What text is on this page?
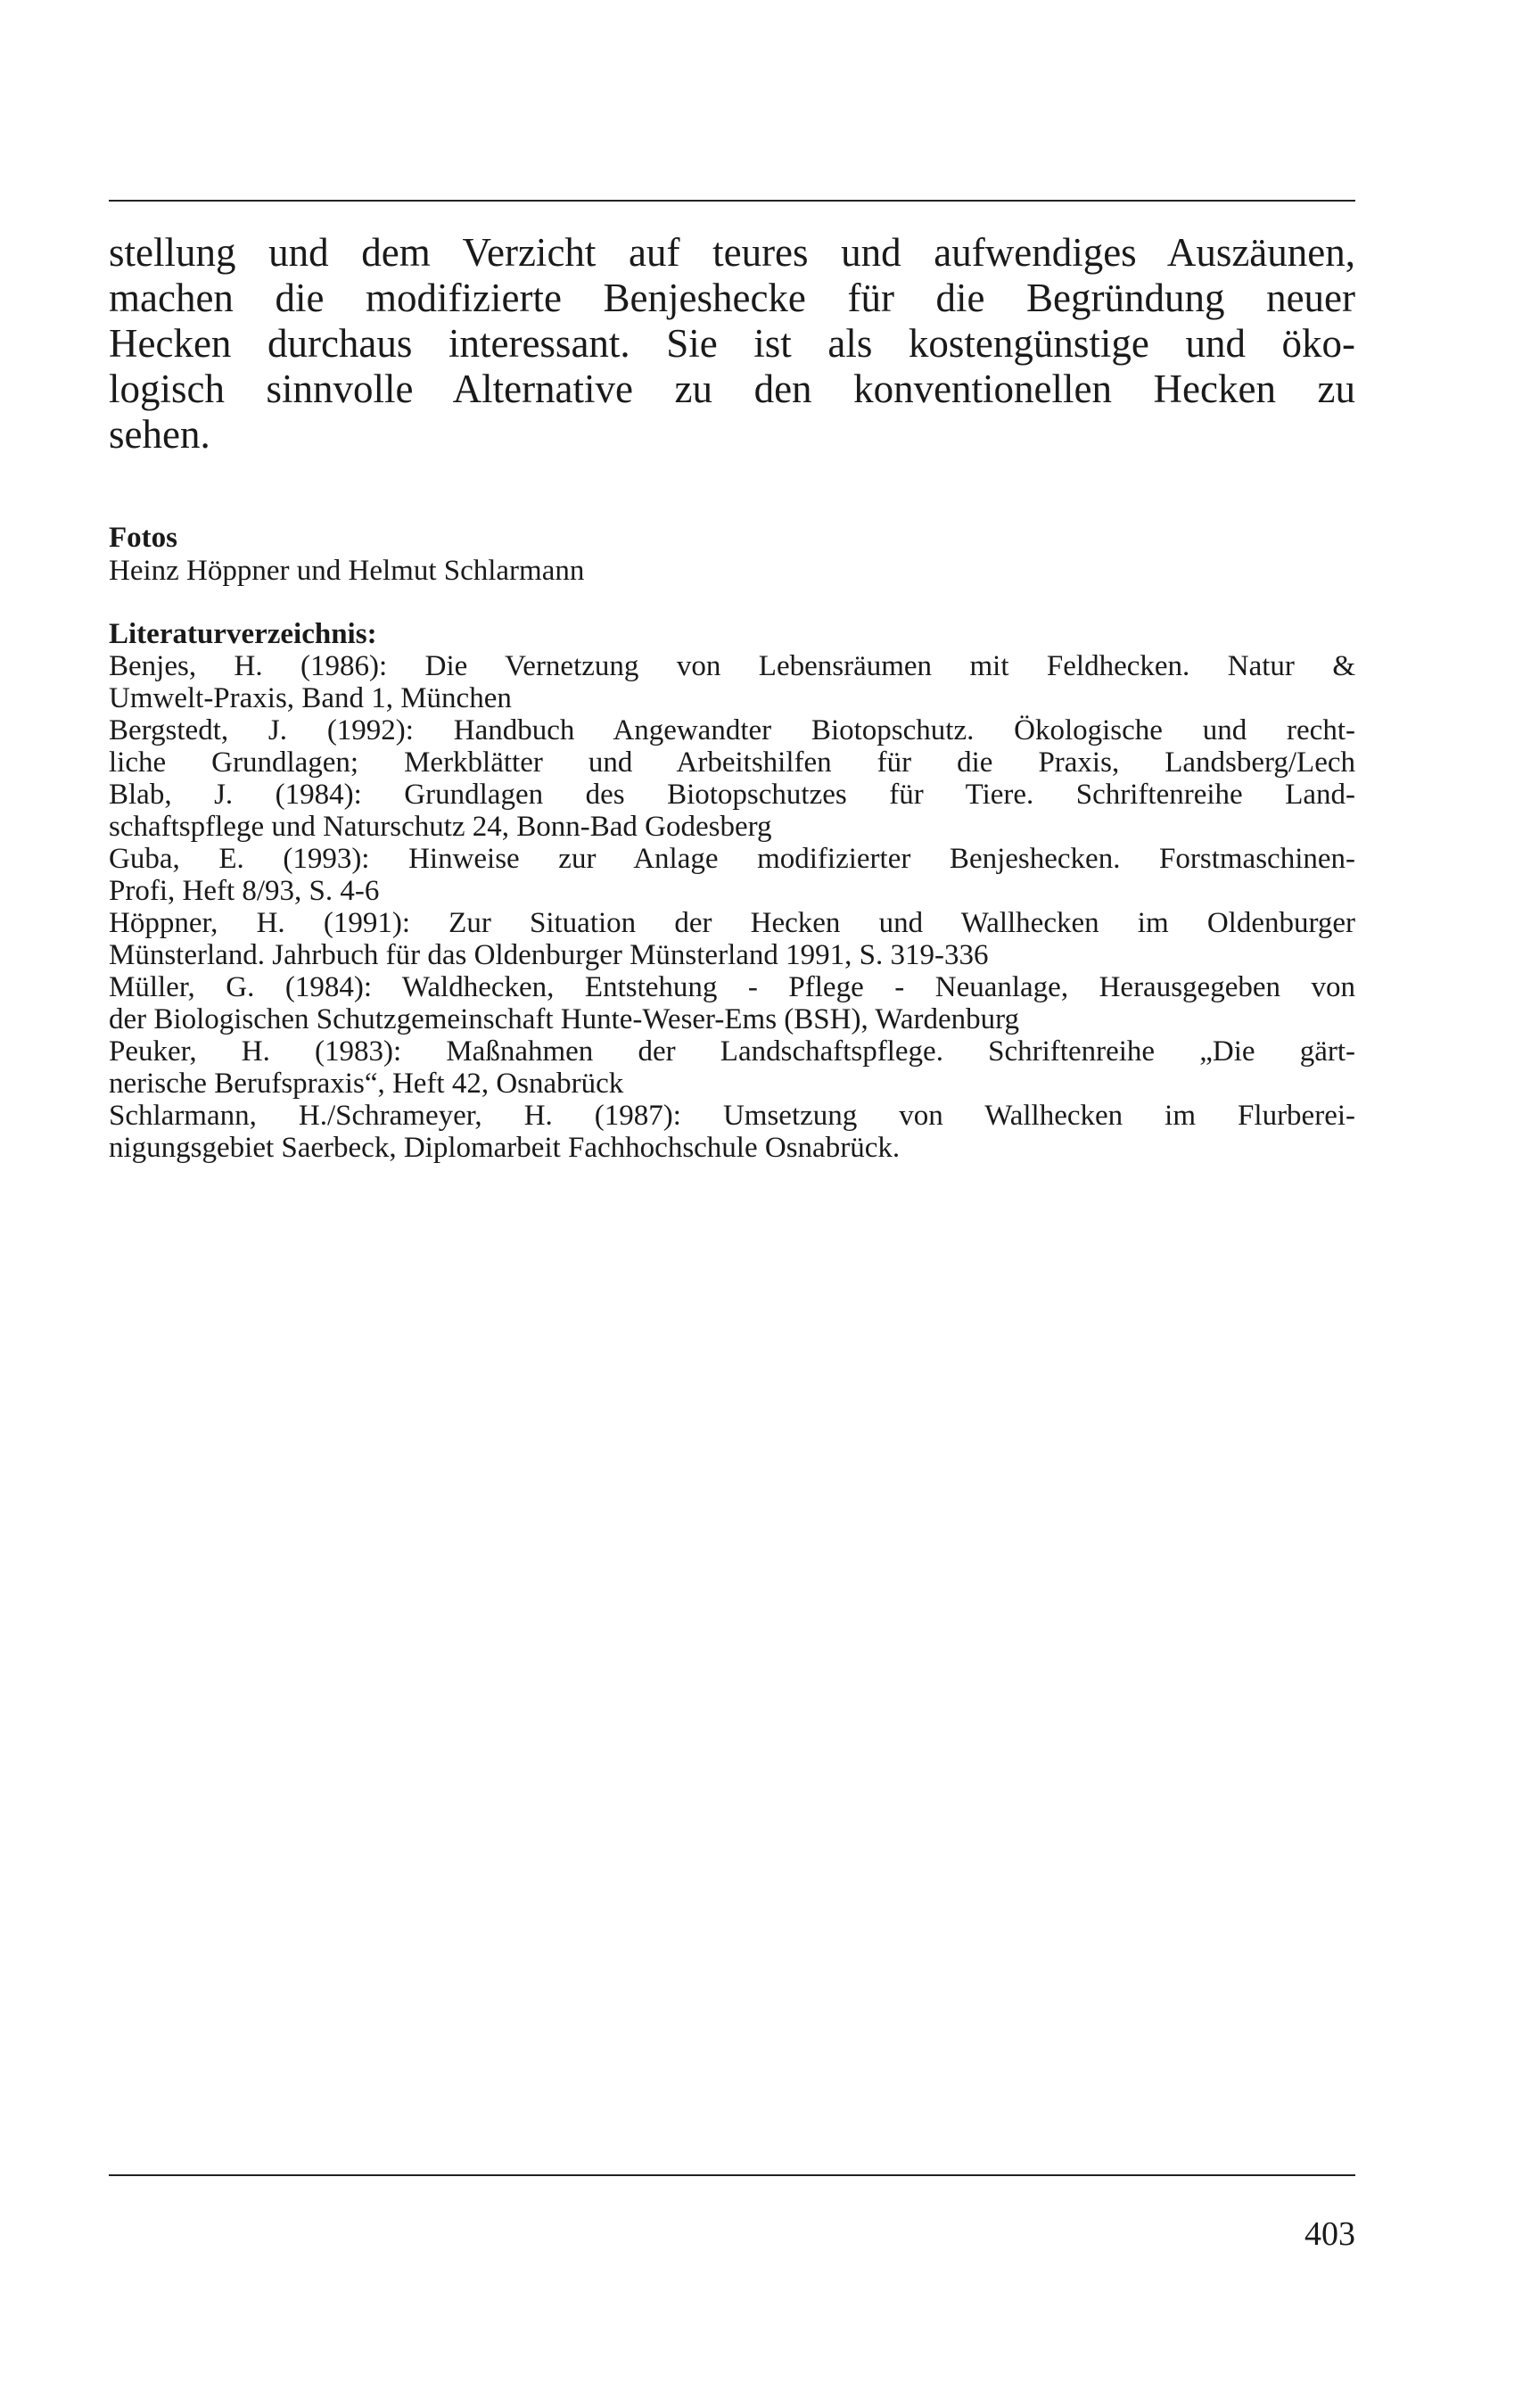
stellung und dem Verzicht auf teures und aufwendiges Auszäunen,
machen die modifizierte Benjeshecke für die Begründung neuer
Hecken durchaus interessant. Sie ist als kostengünstige und öko-
logisch sinnvolle Alternative zu den konventionellen Hecken zu
sehen.

Fotos

Heinz Höppner und Helmut Schlarmann

Literaturverzeichnis:
Benjes, H. (1986): Die Vernetzung von Lebensräumen mit Feldhecken. Natur &
Umwelt-Praxis, Band 1, München
Bergstedt, J. (1992): Handbuch Angewandter Biotopschutz. Ökologische und recht-
liche Grundlagen; Merkblätter und Arbeitshilfen für die Praxis, Landsberg/Lech
Blab, J. (1984): Grundlagen des Biotopschutzes für Tiere. Schriftenreihe Land-
schaftspflege und Naturschutz 24, Bonn-Bad Godesberg
Guba, E. (1993): Hinweise zur Anlage modifizierter Benjeshecken. Forstmaschinen-
Profi, Heft 8/93, S. 4-6
Höppner, H. (1991): Zur Situation der Hecken und Wallhecken im Oldenburger
Münsterland. Jahrbuch für das Oldenburger Münsterland 1991, S. 319-336
Müller, G. (1984): Waldhecken, Entstehung - Pflege - Neuanlage, Herausgegeben von
der Biologischen Schutzgemeinschaft Hunte-Weser-Ems (BSH), Wardenburg
Peuker, H. (1983): Maßnahmen der Landschaftspflege. Schriftenreihe „Die gärt-
nerische Berufspraxis“, Heft 42, Osnabrück
Schlarmann, H./Schrameyer, H. (1987): Umsetzung von Wallhecken im Flurberei-
nigungsgebiet Saerbeck, Diplomarbeit Fachhochschule Osnabrück.

403
